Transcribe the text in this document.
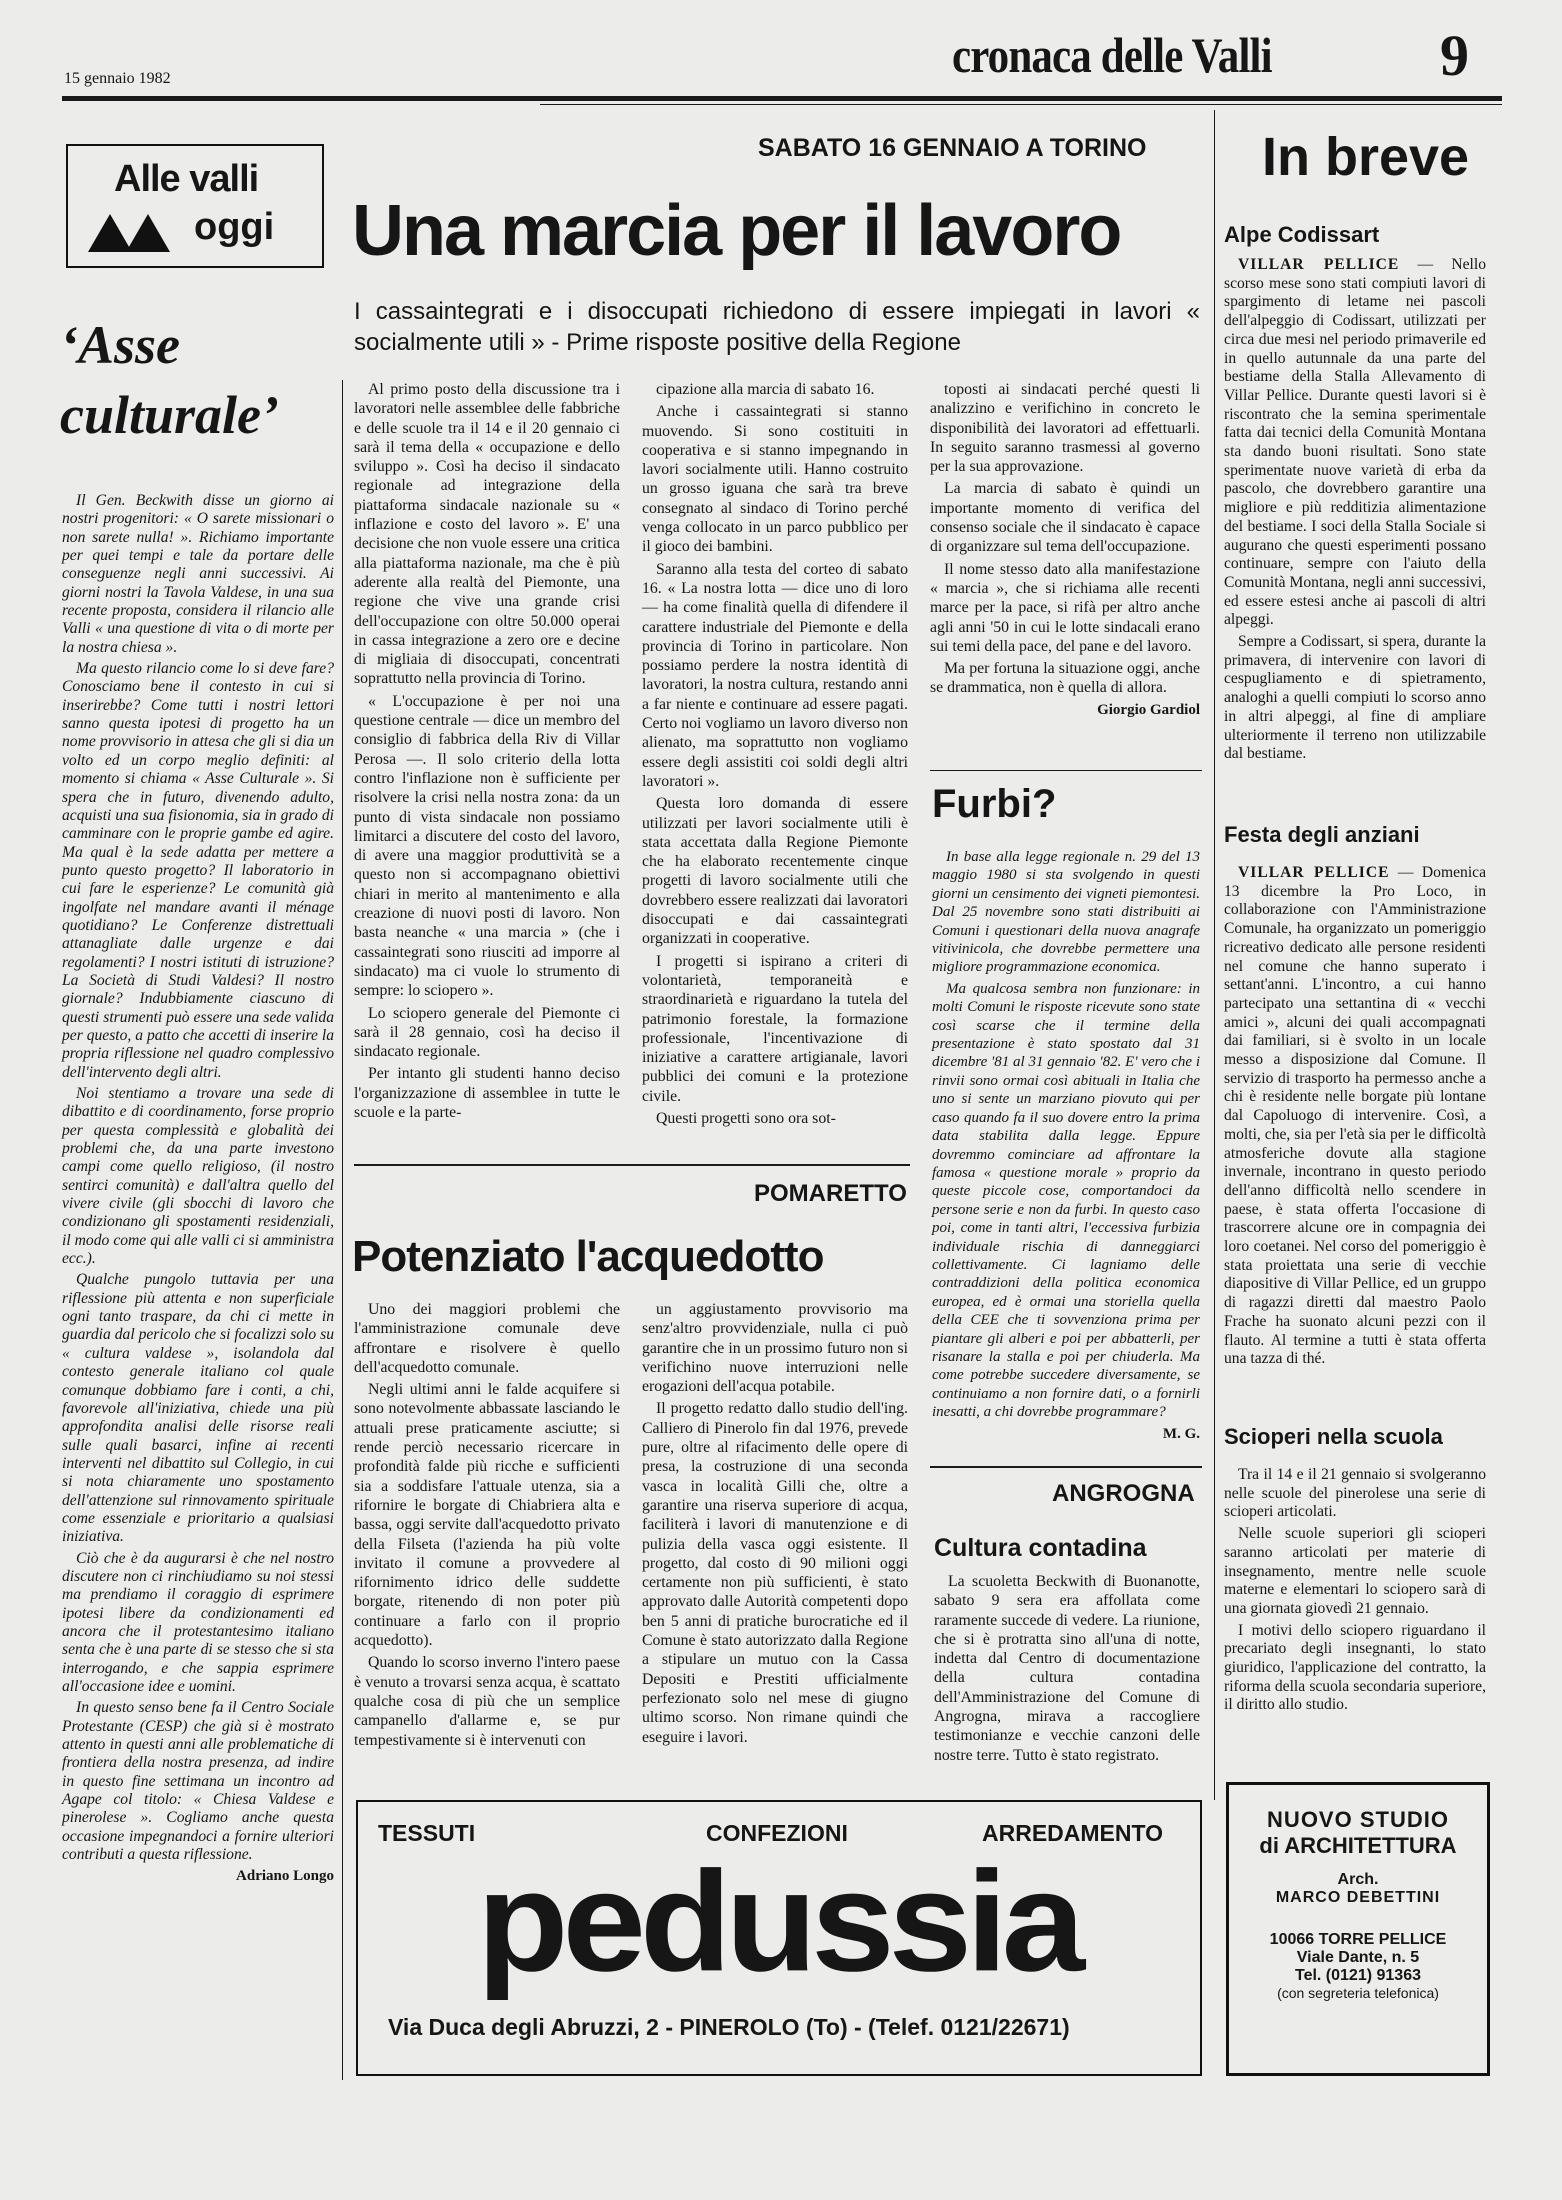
15 gennaio 1982	cronaca delle Valli	9
Alle valli
oggi
‘Asse
culturale’

Il Gen. Beckwith disse un giorno ai nostri progenitori: « O sarete missionari o non sarete nulla! ». Richiamo importante per quei tempi e tale da portare delle conseguenze negli anni successivi. Ai giorni nostri la Tavola Valdese, in una sua recente proposta, considera il rilancio alle Valli « una questione di vita o di morte per la nostra chiesa ».

Ma questo rilancio come lo si deve fare? Conosciamo bene il contesto in cui si inserirebbe? Come tutti i nostri lettori sanno questa ipotesi di progetto ha un nome provvisorio in attesa che gli si dia un volto ed un corpo meglio definiti: al momento si chiama « Asse Culturale ». Si spera che in futuro, divenendo adulto, acquisti una sua fisionomia, sia in grado di camminare con le proprie gambe ed agire. Ma qual è la sede adatta per mettere a punto questo progetto? Il laboratorio in cui fare le esperienze? Le comunità già ingolfate nel mandare avanti il ménage quotidiano? Le Conferenze distrettuali attanagliate dalle urgenze e dai regolamenti? I nostri istituti di istruzione? La Società di Studi Valdesi? Il nostro giornale? Indubbiamente ciascuno di questi strumenti può essere una sede valida per questo, a patto che accetti di inserire la propria riflessione nel quadro complessivo dell'intervento degli altri.

Noi stentiamo a trovare una sede di dibattito e di coordinamento, forse proprio per questa complessità e globalità dei problemi che, da una parte investono campi come quello religioso, (il nostro sentirci comunità) e dall'altra quello del vivere civile (gli sbocchi di lavoro che condizionano gli spostamenti residenziali, il modo come qui alle valli ci si amministra ecc.).

Qualche pungolo tuttavia per una riflessione più attenta e non superficiale ogni tanto traspare, da chi ci mette in guardia dal pericolo che si focalizzi solo su « cultura valdese », isolandola dal contesto generale italiano col quale comunque dobbiamo fare i conti, a chi, favorevole all'iniziativa, chiede una più approfondita analisi delle risorse reali sulle quali basarci, infine ai recenti interventi nel dibattito sul Collegio, in cui si nota chiaramente uno spostamento dell'attenzione sul rinnovamento spirituale come essenziale e prioritario a qualsiasi iniziativa.

Ciò che è da augurarsi è che nel nostro discutere non ci rinchiudiamo su noi stessi ma prendiamo il coraggio di esprimere ipotesi libere da condizionamenti ed ancora che il protestantesimo italiano senta che è una parte di se stesso che si sta interrogando, e che sappia esprimere all'occasione idee e uomini.

In questo senso bene fa il Centro Sociale Protestante (CESP) che già si è mostrato attento in questi anni alle problematiche di frontiera della nostra presenza, ad indire in questo fine settimana un incontro ad Agape col titolo: « Chiesa Valdese e pinerolese ». Cogliamo anche questa occasione impegnandoci a fornire ulteriori contributi a questa riflessione.

Adriano Longo

SABATO 16 GENNAIO A TORINO
Una marcia per il lavoro
I cassaintegrati e i disoccupati richiedono di essere impiegati in lavori « socialmente utili » - Prime risposte positive della Regione

Al primo posto della discussione tra i lavoratori nelle assemblee delle fabbriche e delle scuole tra il 14 e il 20 gennaio ci sarà il tema della « occupazione e dello sviluppo ». Così ha deciso il sindacato regionale ad integrazione della piattaforma sindacale nazionale su « inflazione e costo del lavoro ». E' una decisione che non vuole essere una critica alla piattaforma nazionale, ma che è più aderente alla realtà del Piemonte, una regione che vive una grande crisi dell'occupazione con oltre 50.000 operai in cassa integrazione a zero ore e decine di migliaia di disoccupati, concentrati soprattutto nella provincia di Torino.

« L'occupazione è per noi una questione centrale — dice un membro del consiglio di fabbrica della Riv di Villar Perosa —. Il solo criterio della lotta contro l'inflazione non è sufficiente per risolvere la crisi nella nostra zona: da un punto di vista sindacale non possiamo limitarci a discutere del costo del lavoro, di avere una maggior produttività se a questo non si accompagnano obiettivi chiari in merito al mantenimento e alla creazione di nuovi posti di lavoro. Non basta neanche « una marcia » (che i cassaintegrati sono riusciti ad imporre al sindacato) ma ci vuole lo strumento di sempre: lo sciopero ».

Lo sciopero generale del Piemonte ci sarà il 28 gennaio, così ha deciso il sindacato regionale.

Per intanto gli studenti hanno deciso l'organizzazione di assemblee in tutte le scuole e la parte-

cipazione alla marcia di sabato 16.

Anche i cassaintegrati si stanno muovendo. Si sono costituiti in cooperativa e si stanno impegnando in lavori socialmente utili. Hanno costruito un grosso iguana che sarà tra breve consegnato al sindaco di Torino perché venga collocato in un parco pubblico per il gioco dei bambini.

Saranno alla testa del corteo di sabato 16. « La nostra lotta — dice uno di loro — ha come finalità quella di difendere il carattere industriale del Piemonte e della provincia di Torino in particolare. Non possiamo perdere la nostra identità di lavoratori, la nostra cultura, restando anni a far niente e continuare ad essere pagati. Certo noi vogliamo un lavoro diverso non alienato, ma soprattutto non vogliamo essere degli assistiti coi soldi degli altri lavoratori ».

Questa loro domanda di essere utilizzati per lavori socialmente utili è stata accettata dalla Regione Piemonte che ha elaborato recentemente cinque progetti di lavoro socialmente utili che dovrebbero essere realizzati dai lavoratori disoccupati e dai cassaintegrati organizzati in cooperative.

I progetti si ispirano a criteri di volontarietà, temporaneità e straordinarietà e riguardano la tutela del patrimonio forestale, la formazione professionale, l'incentivazione di iniziative a carattere artigianale, lavori pubblici dei comuni e la protezione civile.

Questi progetti sono ora sot-

toposti ai sindacati perché questi li analizzino e verifichino in concreto le disponibilità dei lavoratori ad effettuarli. In seguito saranno trasmessi al governo per la sua approvazione.

La marcia di sabato è quindi un importante momento di verifica del consenso sociale che il sindacato è capace di organizzare sul tema dell'occupazione.

Il nome stesso dato alla manifestazione « marcia », che si richiama alle recenti marce per la pace, si rifà per altro anche agli anni '50 in cui le lotte sindacali erano sui temi della pace, del pane e del lavoro.

Ma per fortuna la situazione oggi, anche se drammatica, non è quella di allora.

Giorgio Gardiol

Furbi?

In base alla legge regionale n. 29 del 13 maggio 1980 si sta svolgendo in questi giorni un censimento dei vigneti piemontesi. Dal 25 novembre sono stati distribuiti ai Comuni i questionari della nuova anagrafe vitivinicola, che dovrebbe permettere una migliore programmazione economica.

Ma qualcosa sembra non funzionare: in molti Comuni le risposte ricevute sono state così scarse che il termine della presentazione è stato spostato dal 31 dicembre '81 al 31 gennaio '82. E' vero che i rinvii sono ormai così abituali in Italia che uno si sente un marziano piovuto qui per caso quando fa il suo dovere entro la prima data stabilita dalla legge. Eppure dovremmo cominciare ad affrontare la famosa « questione morale » proprio da queste piccole cose, comportandoci da persone serie e non da furbi. In questo caso poi, come in tanti altri, l'eccessiva furbizia individuale rischia di danneggiarci collettivamente. Ci lagniamo delle contraddizioni della politica economica europea, ed è ormai una storiella quella della CEE che ti sovvenziona prima per piantare gli alberi e poi per abbatterli, per risanare la stalla e poi per chiuderla. Ma come potrebbe succedere diversamente, se continuiamo a non fornire dati, o a fornirli inesatti, a chi dovrebbe programmare?

M. G.

POMARETTO
Potenziato l'acquedotto

Uno dei maggiori problemi che l'amministrazione comunale deve affrontare e risolvere è quello dell'acquedotto comunale.

Negli ultimi anni le falde acquifere si sono notevolmente abbassate lasciando le attuali prese praticamente asciutte; si rende perciò necessario ricercare in profondità falde più ricche e sufficienti sia a soddisfare l'attuale utenza, sia a rifornire le borgate di Chiabriera alta e bassa, oggi servite dall'acquedotto privato della Filseta (l'azienda ha più volte invitato il comune a provvedere al rifornimento idrico delle suddette borgate, ritenendo di non poter più continuare a farlo con il proprio acquedotto).

Quando lo scorso inverno l'intero paese è venuto a trovarsi senza acqua, è scattato qualche cosa di più che un semplice campanello d'allarme e, se pur tempestivamente si è intervenuti con

un aggiustamento provvisorio ma senz'altro provvidenziale, nulla ci può garantire che in un prossimo futuro non si verifichino nuove interruzioni nelle erogazioni dell'acqua potabile.

Il progetto redatto dallo studio dell'ing. Calliero di Pinerolo fin dal 1976, prevede pure, oltre al rifacimento delle opere di presa, la costruzione di una seconda vasca in località Gilli che, oltre a garantire una riserva superiore di acqua, faciliterà i lavori di manutenzione e di pulizia della vasca oggi esistente. Il progetto, dal costo di 90 milioni oggi certamente non più sufficienti, è stato approvato dalle Autorità competenti dopo ben 5 anni di pratiche burocratiche ed il Comune è stato autorizzato dalla Regione a stipulare un mutuo con la Cassa Depositi e Prestiti ufficialmente perfezionato solo nel mese di giugno ultimo scorso. Non rimane quindi che eseguire i lavori.

ANGROGNA
Cultura contadina

La scuoletta Beckwith di Buonanotte, sabato 9 sera era affollata come raramente succede di vedere. La riunione, che si è protratta sino all'una di notte, indetta dal Centro di documentazione della cultura contadina dell'Amministrazione del Comune di Angrogna, mirava a raccogliere testimonianze e vecchie canzoni delle nostre terre. Tutto è stato registrato.

In breve
Alpe Codissart

VILLAR PELLICE — Nello scorso mese sono stati compiuti lavori di spargimento di letame nei pascoli dell'alpeggio di Codissart, utilizzati per circa due mesi nel periodo primaverile ed in quello autunnale da una parte del bestiame della Stalla Allevamento di Villar Pellice. Durante questi lavori si è riscontrato che la semina sperimentale fatta dai tecnici della Comunità Montana sta dando buoni risultati. Sono state sperimentate nuove varietà di erba da pascolo, che dovrebbero garantire una migliore e più redditizia alimentazione del bestiame. I soci della Stalla Sociale si augurano che questi esperimenti possano continuare, sempre con l'aiuto della Comunità Montana, negli anni successivi, ed essere estesi anche ai pascoli di altri alpeggi.

Sempre a Codissart, si spera, durante la primavera, di intervenire con lavori di cespugliamento e di spietramento, analoghi a quelli compiuti lo scorso anno in altri alpeggi, al fine di ampliare ulteriormente il terreno non utilizzabile dal bestiame.

Festa degli anziani

VILLAR PELLICE — Domenica 13 dicembre la Pro Loco, in collaborazione con l'Amministrazione Comunale, ha organizzato un pomeriggio ricreativo dedicato alle persone residenti nel comune che hanno superato i settant'anni. L'incontro, a cui hanno partecipato una settantina di « vecchi amici », alcuni dei quali accompagnati dai familiari, si è svolto in un locale messo a disposizione dal Comune. Il servizio di trasporto ha permesso anche a chi è residente nelle borgate più lontane dal Capoluogo di intervenire. Così, a molti, che, sia per l'età sia per le difficoltà atmosferiche dovute alla stagione invernale, incontrano in questo periodo dell'anno difficoltà nello scendere in paese, è stata offerta l'occasione di trascorrere alcune ore in compagnia dei loro coetanei. Nel corso del pomeriggio è stata proiettata una serie di vecchie diapositive di Villar Pellice, ed un gruppo di ragazzi diretti dal maestro Paolo Frache ha suonato alcuni pezzi con il flauto. Al termine a tutti è stata offerta una tazza di thé.

Scioperi nella scuola

Tra il 14 e il 21 gennaio si svolgeranno nelle scuole del pinerolese una serie di scioperi articolati.

Nelle scuole superiori gli scioperi saranno articolati per materie di insegnamento, mentre nelle scuole materne e elementari lo sciopero sarà di una giornata giovedì 21 gennaio.

I motivi dello sciopero riguardano il precariato degli insegnanti, lo stato giuridico, l'applicazione del contratto, la riforma della scuola secondaria superiore, il diritto allo studio.

TESSUTI	CONFEZIONI	ARREDAMENTO
pedussia
Via Duca degli Abruzzi, 2 - PINEROLO (To) - (Telef. 0121/22671)
NUOVO STUDIO
di ARCHITETTURA
Arch.
MARCO DEBETTINI
10066 TORRE PELLICE
Viale Dante, n. 5
Tel. (0121) 91363
(con segreteria telefonica)
